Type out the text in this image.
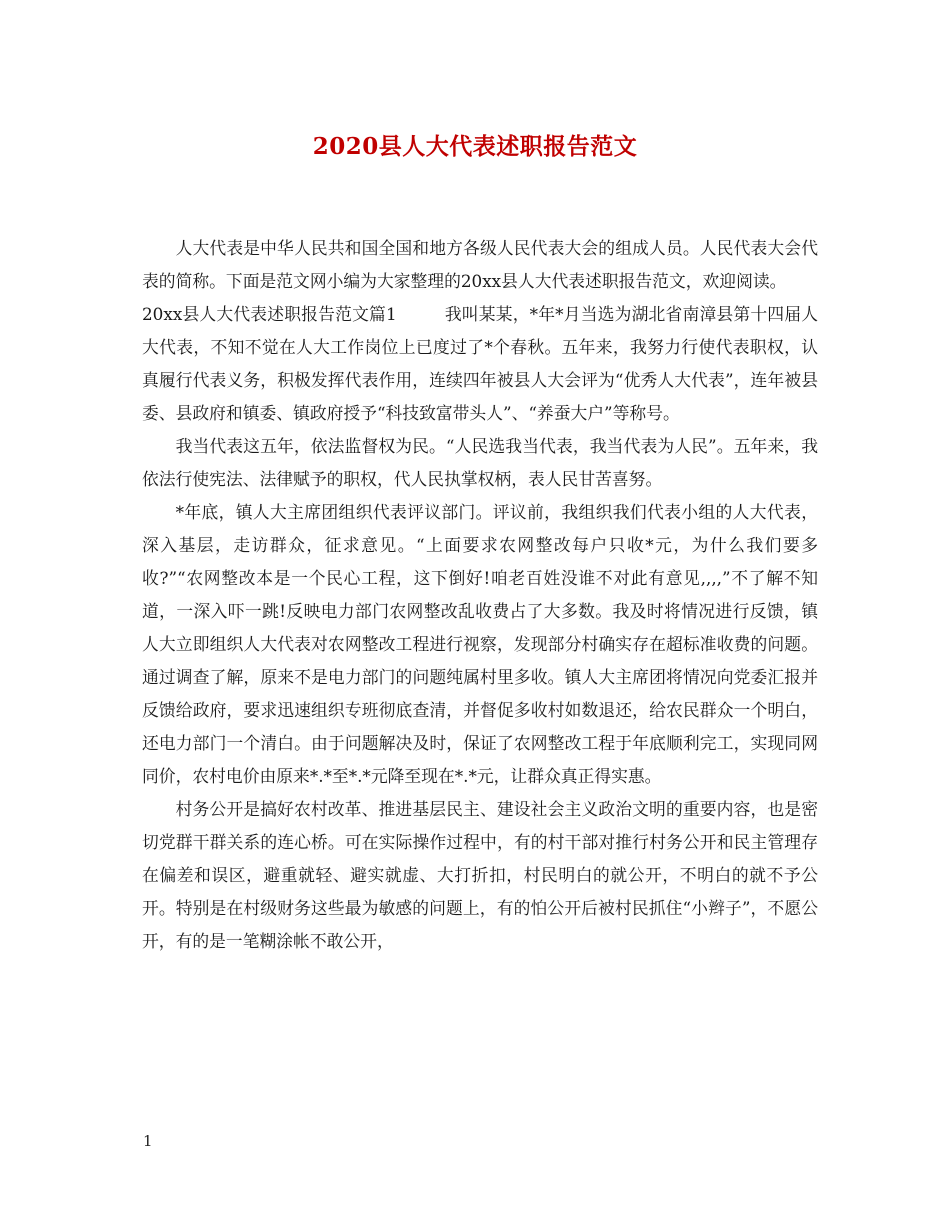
2020县人大代表述职报告范文

人大代表是中华人民共和国全国和地方各级人民代表大会的组成人员。人民代表大会代表的简称。下面是范文网小编为大家整理的20xx县人大代表述职报告范文，欢迎阅读。

20xx县人大代表述职报告范文篇1	我叫某某，*年*月当选为湖北省南漳县第十四届人大代表，不知不觉在人大工作岗位上已度过了*个春秋。五年来，我努力行使代表职权，认真履行代表义务，积极发挥代表作用，连续四年被县人大会评为“优秀人大代表”，连年被县委、县政府和镇委、镇政府授予“科技致富带头人”、“养蚕大户”等称号。

我当代表这五年，依法监督权为民。“人民选我当代表，我当代表为人民”。五年来，我依法行使宪法、法律赋予的职权，代人民执掌权柄，表人民甘苦喜努。

*年底，镇人大主席团组织代表评议部门。评议前，我组织我们代表小组的人大代表，深入基层，走访群众，征求意见。“上面要求农网整改每户只收*元，为什么我们要多收?”“农网整改本是一个民心工程，这下倒好!咱老百姓没谁不对此有意见,,,,”不了解不知道，一深入吓一跳!反映电力部门农网整改乱收费占了大多数。我及时将情况进行反馈，镇人大立即组织人大代表对农网整改工程进行视察，发现部分村确实存在超标准收费的问题。通过调查了解，原来不是电力部门的问题纯属村里多收。镇人大主席团将情况向党委汇报并反馈给政府，要求迅速组织专班彻底查清，并督促多收村如数退还，给农民群众一个明白，还电力部门一个清白。由于问题解决及时，保证了农网整改工程于年底顺利完工，实现同网同价，农村电价由原来*.*至*.*元降至现在*.*元，让群众真正得实惠。

村务公开是搞好农村改革、推进基层民主、建设社会主义政治文明的重要内容，也是密切党群干群关系的连心桥。可在实际操作过程中，有的村干部对推行村务公开和民主管理存在偏差和误区，避重就轻、避实就虚、大打折扣，村民明白的就公开，不明白的就不予公开。特别是在村级财务这些最为敏感的问题上，有的怕公开后被村民抓住“小辫子”，不愿公开，有的是一笔糊涂帐不敢公开，

1
